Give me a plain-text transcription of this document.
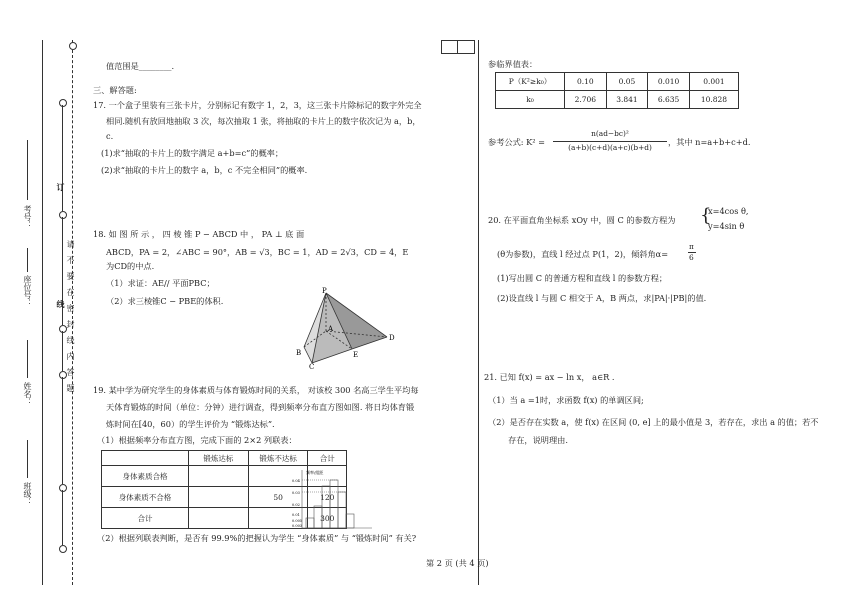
考号：
座位号：
姓名：
班级：
订
线
请
不
要
在
密
封
线
内
答
题
值范围是________.
三、解答题:
17. 一个盒子里装有三张卡片，分别标记有数字 1，2，3，这三张卡片除标记的数字外完全
相同.随机有放回地抽取 3 次，每次抽取 1 张，将抽取的卡片上的数字依次记为 a，b，
c.
(1)求“抽取的卡片上的数字满足 a+b=c”的概率；
(2)求“抽取的卡片上的数字 a，b，c 不完全相同”的概率.
18. 如 图 所 示 ， 四 棱 锥 P − ABCD 中 ， PA ⊥ 底 面
ABCD，PA = 2，∠ABC = 90°，AB = √3，BC = 1，AD = 2√3，CD = 4，E
为CD的中点.
（1）求证：AE// 平面PBC；
（2）求三棱锥C − PBE的体积.
P
A
B
C
E
D
19. 某中学为研究学生的身体素质与体育锻炼时间的关系， 对该校 300 名高三学生平均每
天体育锻炼的时间（单位：分钟）进行调查，得到频率分布直方图如图. 将日均体育锻
炼时间在[40，60）的学生评价为 “锻炼达标”.
（1）根据频率分布直方图，完成下面的 2×2 列联表：
	锻炼达标	锻炼不达标	合计
身体素质合格			
身体素质不合格		50	120
合计			300
频率/组距
0.04
0.03
0.02
0.01
0.005
0.003
（2）根据列联表判断，是否有 99.9%的把握认为学生 “身体素质” 与 “锻炼时间” 有关?
参临界值表：
P（K²≥k₀）	0.10	0.05	0.010	0.001
k₀	2.706	3.841	6.635	10.828
参考公式: K² =
n(ad−bc)²
(a+b)(c+d)(a+c)(b+d)
，其中 n=a+b+c+d.
20. 在平面直角坐标系 xOy 中，圆 C 的参数方程为 {
x=4cos θ,
y=4sin θ
(θ为参数)，直线 l 经过点 P(1，2)，倾斜角α=
π
6
(1)写出圆 C 的普通方程和直线 l 的参数方程；
(2)设直线 l 与圆 C 相交于 A，B 两点，求|PA|·|PB|的值.
21. 已知 f(x) = ax − ln x， a∈R .
（1）当 a =1时，求函数 f(x) 的单调区间;
（2）是否存在实数 a，使 f(x) 在区间 (0, e] 上的最小值是 3，若存在，求出 a 的值；若不
存在，说明理由.
第 2 页 (共 4 页)
